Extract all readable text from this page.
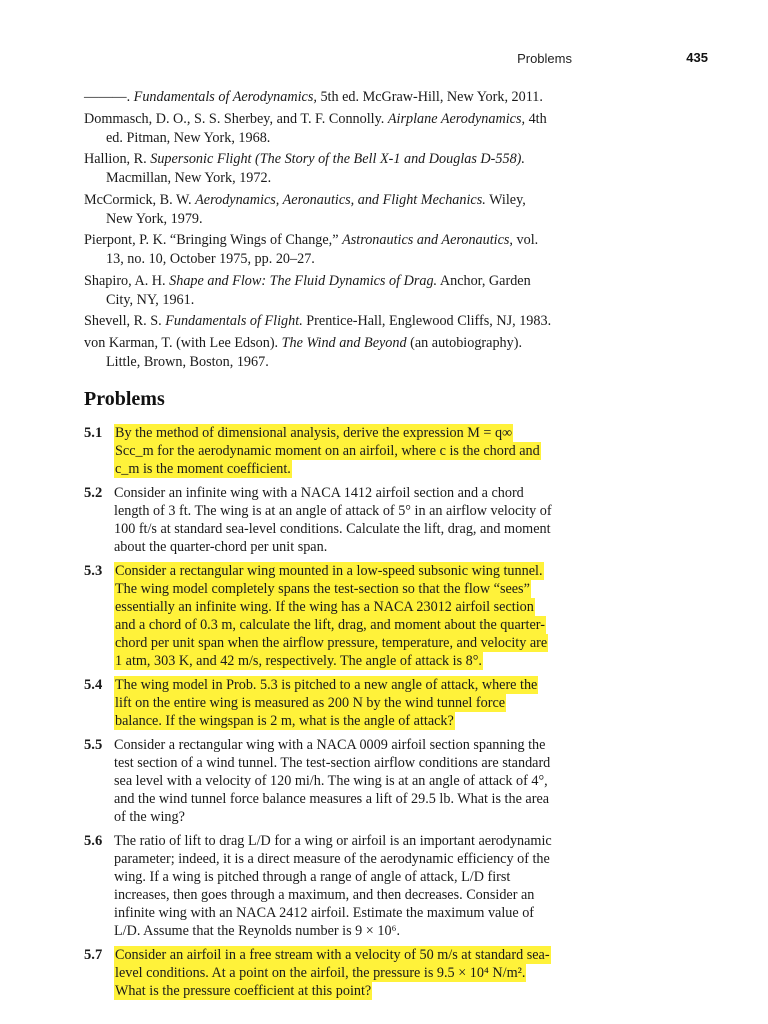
Problems	435

———. Fundamentals of Aerodynamics, 5th ed. McGraw-Hill, New York, 2011.

Dommasch, D. O., S. S. Sherbey, and T. F. Connolly. Airplane Aerodynamics, 4th ed. Pitman, New York, 1968.

Hallion, R. Supersonic Flight (The Story of the Bell X-1 and Douglas D-558). Macmillan, New York, 1972.

McCormick, B. W. Aerodynamics, Aeronautics, and Flight Mechanics. Wiley, New York, 1979.

Pierpont, P. K. “Bringing Wings of Change,” Astronautics and Aeronautics, vol. 13, no. 10, October 1975, pp. 20–27.

Shapiro, A. H. Shape and Flow: The Fluid Dynamics of Drag. Anchor, Garden City, NY, 1961.

Shevell, R. S. Fundamentals of Flight. Prentice-Hall, Englewood Cliffs, NJ, 1983.

von Karman, T. (with Lee Edson). The Wind and Beyond (an autobiography). Little, Brown, Boston, 1967.

Problems
5.1 By the method of dimensional analysis, derive the expression M = q∞ Scc_m for the aerodynamic moment on an airfoil, where c is the chord and c_m is the moment coefficient.
5.2 Consider an infinite wing with a NACA 1412 airfoil section and a chord length of 3 ft. The wing is at an angle of attack of 5° in an airflow velocity of 100 ft/s at standard sea-level conditions. Calculate the lift, drag, and moment about the quarter-chord per unit span.
5.3 Consider a rectangular wing mounted in a low-speed subsonic wing tunnel. The wing model completely spans the test-section so that the flow “sees” essentially an infinite wing. If the wing has a NACA 23012 airfoil section and a chord of 0.3 m, calculate the lift, drag, and moment about the quarter-chord per unit span when the airflow pressure, temperature, and velocity are 1 atm, 303 K, and 42 m/s, respectively. The angle of attack is 8°.
5.4 The wing model in Prob. 5.3 is pitched to a new angle of attack, where the lift on the entire wing is measured as 200 N by the wind tunnel force balance. If the wingspan is 2 m, what is the angle of attack?
5.5 Consider a rectangular wing with a NACA 0009 airfoil section spanning the test section of a wind tunnel. The test-section airflow conditions are standard sea level with a velocity of 120 mi/h. The wing is at an angle of attack of 4°, and the wind tunnel force balance measures a lift of 29.5 lb. What is the area of the wing?
5.6 The ratio of lift to drag L/D for a wing or airfoil is an important aerodynamic parameter; indeed, it is a direct measure of the aerodynamic efficiency of the wing. If a wing is pitched through a range of angle of attack, L/D first increases, then goes through a maximum, and then decreases. Consider an infinite wing with an NACA 2412 airfoil. Estimate the maximum value of L/D. Assume that the Reynolds number is 9 × 10⁶.
5.7 Consider an airfoil in a free stream with a velocity of 50 m/s at standard sea-level conditions. At a point on the airfoil, the pressure is 9.5 × 10⁴ N/m². What is the pressure coefficient at this point?
